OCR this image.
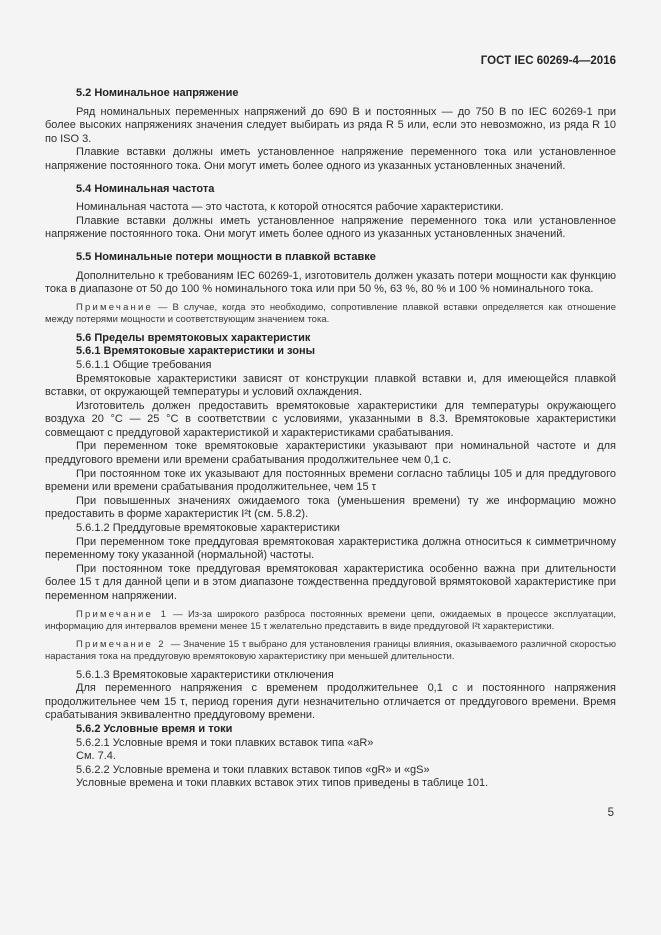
ГОСТ IEC 60269-4—2016

5.2 Номинальное напряжение

Ряд номинальных переменных напряжений до 690 В и постоянных — до 750 В по IEC 60269-1 при более высоких напряжениях значения следует выбирать из ряда R 5 или, если это невозможно, из ряда R 10 по ISO 3.

Плавкие вставки должны иметь установленное напряжение переменного тока или установленное напряжение постоянного тока. Они могут иметь более одного из указанных установленных значений.

5.4 Номинальная частота

Номинальная частота — это частота, к которой относятся рабочие характеристики.

Плавкие вставки должны иметь установленное напряжение переменного тока или установленное напряжение постоянного тока. Они могут иметь более одного из указанных установленных значений.

5.5 Номинальные потери мощности в плавкой вставке

Дополнительно к требованиям IEC 60269-1, изготовитель должен указать потери мощности как функцию тока в диапазоне от 50 до 100 % номинального тока или при 50 %, 63 %, 80 % и 100 % номинального тока.

Примечание — В случае, когда это необходимо, сопротивление плавкой вставки определяется как отношение между потерями мощности и соответствующим значением тока.

5.6 Пределы времятоковых характеристик

5.6.1 Времятоковые характеристики и зоны

5.6.1.1 Общие требования

Времятоковые характеристики зависят от конструкции плавкой вставки и, для имеющейся плавкой вставки, от окружающей температуры и условий охлаждения.

Изготовитель должен предоставить времятоковые характеристики для температуры окружающего воздуха 20 °C — 25 °C в соответствии с условиями, указанными в 8.3. Времятоковые характеристики совмещают с преддуговой характеристикой и характеристиками срабатывания.

При переменном токе времятоковые характеристики указывают при номинальной частоте и для преддугового времени или времени срабатывания продолжительнее чем 0,1 с.

При постоянном токе их указывают для постоянных времени согласно таблицы 105 и для преддугового времени или времени срабатывания продолжительнее, чем 15 τ

При повышенных значениях ожидаемого тока (уменьшения времени) ту же информацию можно предоставить в форме характеристик I²t (см. 5.8.2).

5.6.1.2 Преддуговые времятоковые характеристики

При переменном токе преддуговая времятоковая характеристика должна относиться к симметричному переменному току указанной (нормальной) частоты.

При постоянном токе преддуговая времятоковая характеристика особенно важна при длительности более 15 τ для данной цепи и в этом диапазоне тождественна преддуговой врямятоковой характеристике при переменном напряжении.

Примечание 1 — Из-за широкого разброса постоянных времени цепи, ожидаемых в процессе эксплуатации, информацию для интервалов времени менее 15 τ желательно представить в виде преддуговой I²t характеристики.

Примечание 2 — Значение 15 τ выбрано для установления границы влияния, оказываемого различной скоростью нарастания тока на преддуговую времятоковую характеристику при меньшей длительности.

5.6.1.3 Времятоковые характеристики отключения

Для переменного напряжения с временем продолжительнее 0,1 с и постоянного напряжения продолжительнее чем 15 τ, период горения дуги незначительно отличается от преддугового времени. Время срабатывания эквивалентно преддуговому времени.

5.6.2 Условные время и токи

5.6.2.1 Условные время и токи плавких вставок типа «aR»

См. 7.4.

5.6.2.2 Условные времена и токи плавких вставок типов «gR» и «gS»

Условные времена и токи плавких вставок этих типов приведены в таблице 101.

5
